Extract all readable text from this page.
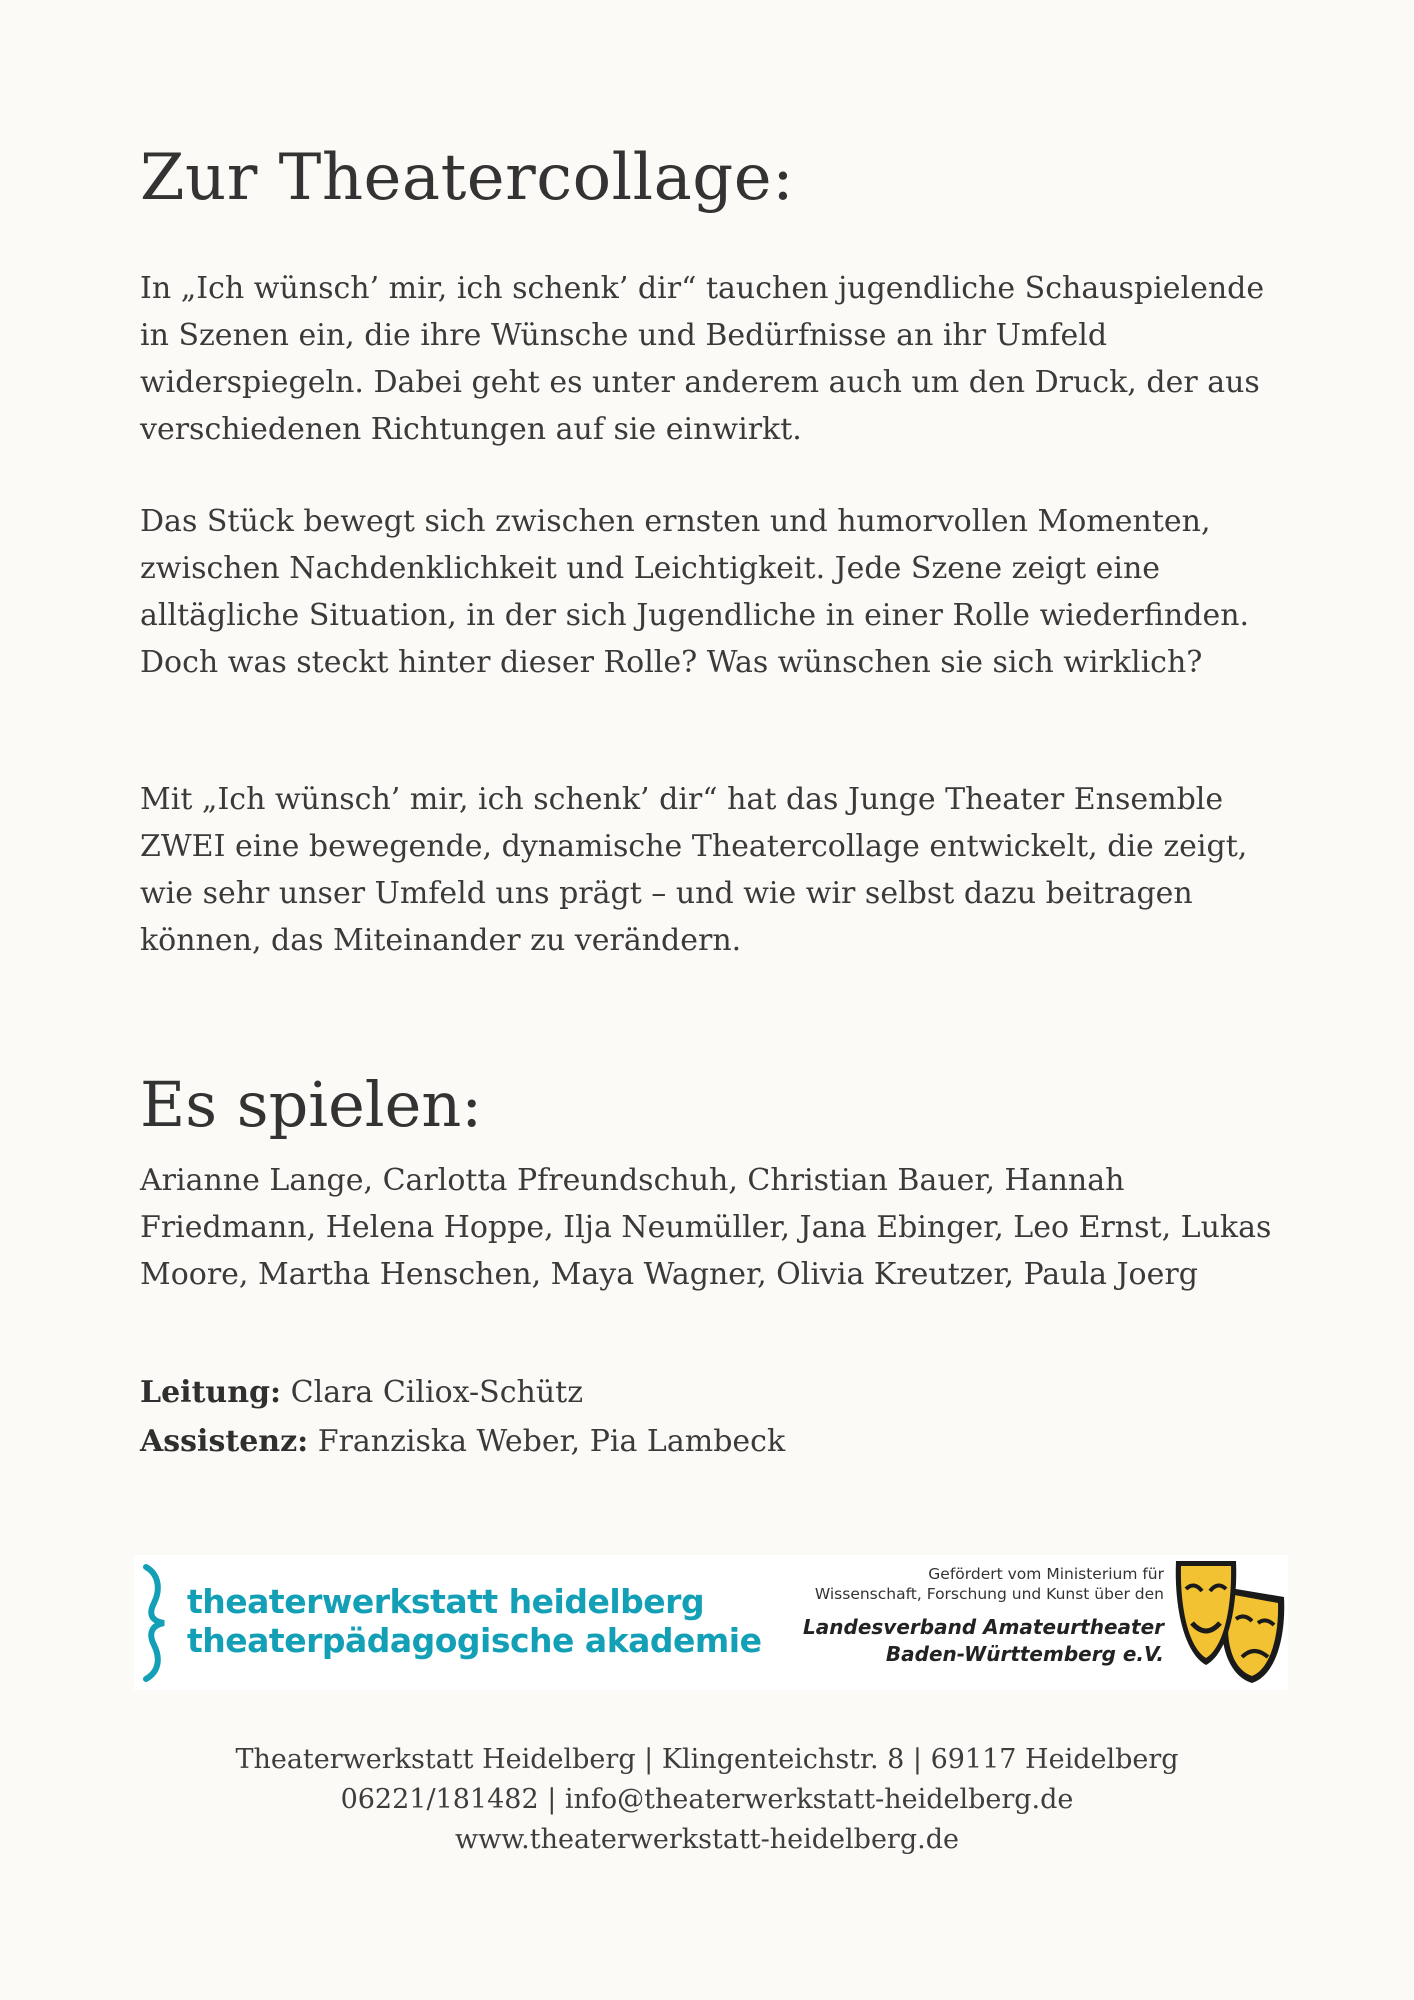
Zur Theatercollage:

In „Ich wünsch’ mir, ich schenk’ dir“ tauchen jugendliche Schauspielende in Szenen ein, die ihre Wünsche und Bedürfnisse an ihr Umfeld widerspiegeln. Dabei geht es unter anderem auch um den Druck, der aus verschiedenen Richtungen auf sie einwirkt.

Das Stück bewegt sich zwischen ernsten und humorvollen Momenten, zwischen Nachdenklichkeit und Leichtigkeit. Jede Szene zeigt eine alltägliche Situation, in der sich Jugendliche in einer Rolle wiederfinden. Doch was steckt hinter dieser Rolle? Was wünschen sie sich wirklich?

Mit „Ich wünsch’ mir, ich schenk’ dir“ hat das Junge Theater Ensemble ZWEI eine bewegende, dynamische Theatercollage entwickelt, die zeigt, wie sehr unser Umfeld uns prägt – und wie wir selbst dazu beitragen können, das Miteinander zu verändern.

Es spielen:

Arianne Lange, Carlotta Pfreundschuh, Christian Bauer, Hannah Friedmann, Helena Hoppe, Ilja Neumüller, Jana Ebinger, Leo Ernst, Lukas Moore, Martha Henschen, Maya Wagner, Olivia Kreutzer, Paula Joerg

Leitung: Clara Ciliox-Schütz

Assistenz: Franziska Weber, Pia Lambeck

theaterwerkstatt heidelberg
theaterpädagogische akademie
Gefördert vom Ministerium für
Wissenschaft, Forschung und Kunst über den
Landesverband Amateurtheater
Baden-Württemberg e.V.
Theaterwerkstatt Heidelberg | Klingenteichstr. 8 | 69117 Heidelberg
06221/181482 | info@theaterwerkstatt-heidelberg.de
www.theaterwerkstatt-heidelberg.de
